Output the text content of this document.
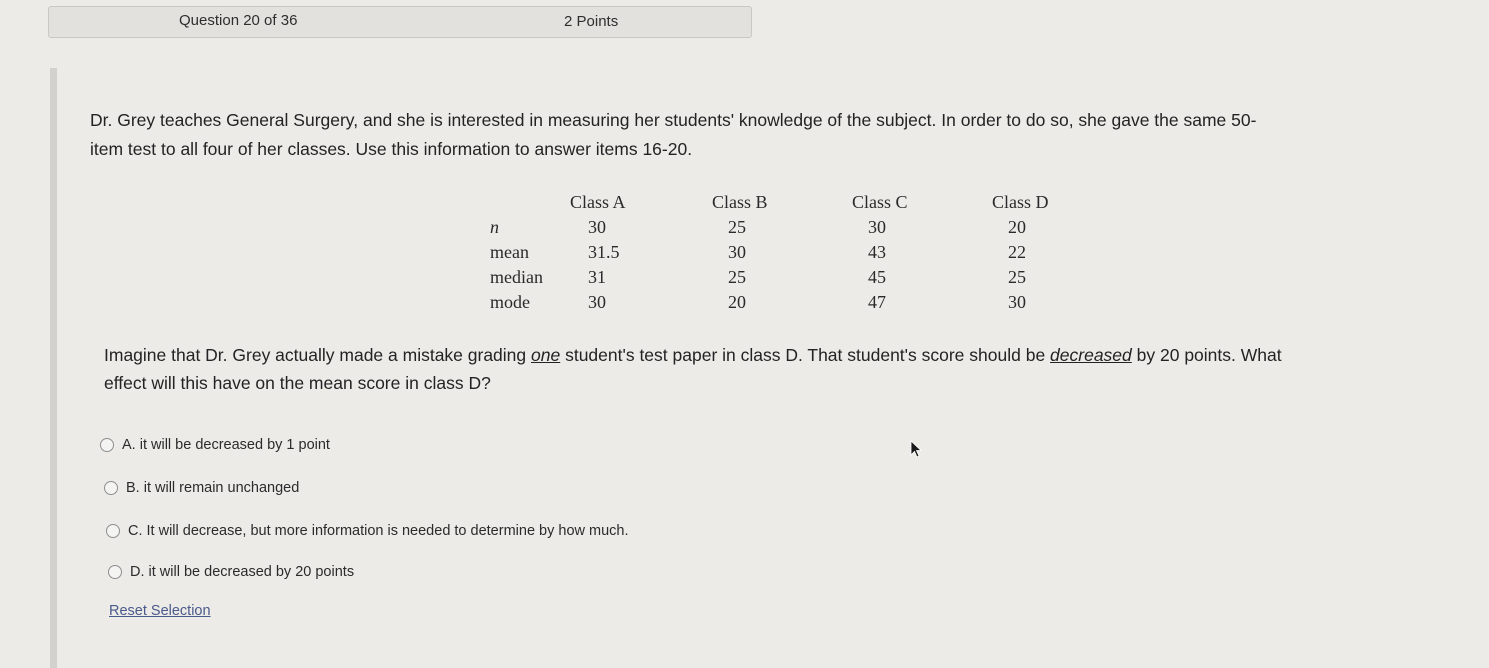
Question 20 of 36	2 Points
Dr. Grey teaches General Surgery, and she is interested in measuring her students' knowledge of the subject. In order to do so, she gave the same 50-
item test to all four of her classes. Use this information to answer items 16-20.
	Class A	Class B	Class C	Class D
n	30	25	30	20
mean	31.5	30	43	22
median	31	25	45	25
mode	30	20	47	30
Imagine that Dr. Grey actually made a mistake grading one student's test paper in class D. That student's score should be decreased by 20 points. What
effect will this have on the mean score in class D?
A. it will be decreased by 1 point
B. it will remain unchanged
C. It will decrease, but more information is needed to determine by how much.
D. it will be decreased by 20 points
Reset Selection
